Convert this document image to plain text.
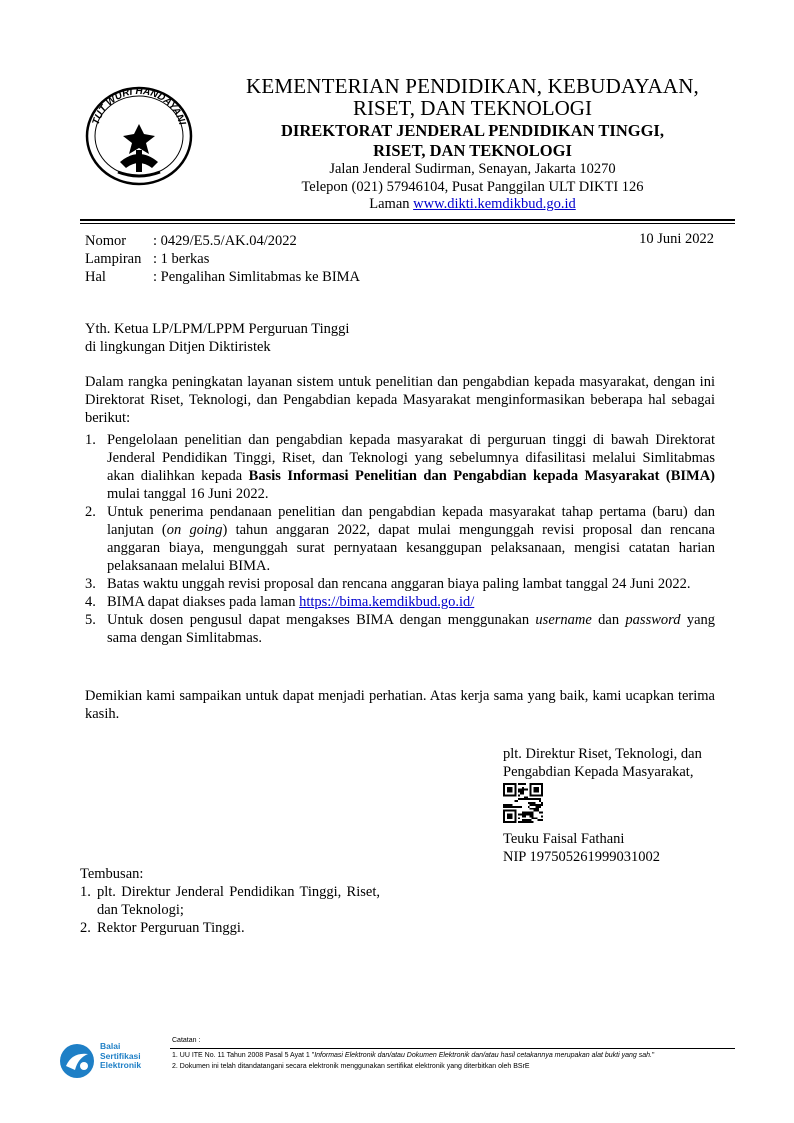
TUT WURI HANDAYANI
KEMENTERIAN PENDIDIKAN, KEBUDAYAAN,
RISET, DAN TEKNOLOGI
DIREKTORAT JENDERAL PENDIDIKAN TINGGI,
RISET, DAN TEKNOLOGI
Jalan Jenderal Sudirman, Senayan, Jakarta 10270
Telepon (021) 57946104, Pusat Panggilan ULT DIKTI 126
Laman www.dikti.kemdikbud.go.id
Nomor : 0429/E5.5/AK.04/2022
Lampiran : 1 berkas
Hal	: Pengalihan Simlitabmas ke BIMA
10 Juni 2022
Yth. Ketua LP/LPM/LPPM Perguruan Tinggi
di lingkungan Ditjen Diktiristek
Dalam rangka peningkatan layanan sistem untuk penelitian dan pengabdian kepada masyarakat, dengan ini Direktorat Riset, Teknologi, dan Pengabdian kepada Masyarakat menginformasikan beberapa hal sebagai berikut:
1. Pengelolaan penelitian dan pengabdian kepada masyarakat di perguruan tinggi di bawah Direktorat Jenderal Pendidikan Tinggi, Riset, dan Teknologi yang sebelumnya difasilitasi melalui Simlitabmas akan dialihkan kepada Basis Informasi Penelitian dan Pengabdian kepada Masyarakat (BIMA) mulai tanggal 16 Juni 2022.
2. Untuk penerima pendanaan penelitian dan pengabdian kepada masyarakat tahap pertama (baru) dan lanjutan (on going) tahun anggaran 2022, dapat mulai mengunggah revisi proposal dan rencana anggaran biaya, mengunggah surat pernyataan kesanggupan pelaksanaan, mengisi catatan harian pelaksanaan melalui BIMA.
3. Batas waktu unggah revisi proposal dan rencana anggaran biaya paling lambat tanggal 24 Juni 2022.
4. BIMA dapat diakses pada laman https://bima.kemdikbud.go.id/
5. Untuk dosen pengusul dapat mengakses BIMA dengan menggunakan username dan password yang sama dengan Simlitabmas.
Demikian kami sampaikan untuk dapat menjadi perhatian. Atas kerja sama yang baik, kami ucapkan terima kasih.
plt. Direktur Riset, Teknologi, dan
Pengabdian Kepada Masyarakat,
Teuku Faisal Fathani
NIP 197505261999031002
Tembusan:
1. plt. Direktur Jenderal Pendidikan Tinggi, Riset, dan Teknologi;
2. Rektor Perguruan Tinggi.
Balai
Sertifikasi
Elektronik
Catatan :
1. UU ITE No. 11 Tahun 2008 Pasal 5 Ayat 1 "Informasi Elektronik dan/atau Dokumen Elektronik dan/atau hasil cetakannya merupakan alat bukti yang sah."
2. Dokumen ini telah ditandatangani secara elektronik menggunakan sertifikat elektronik yang diterbitkan oleh BSrE
